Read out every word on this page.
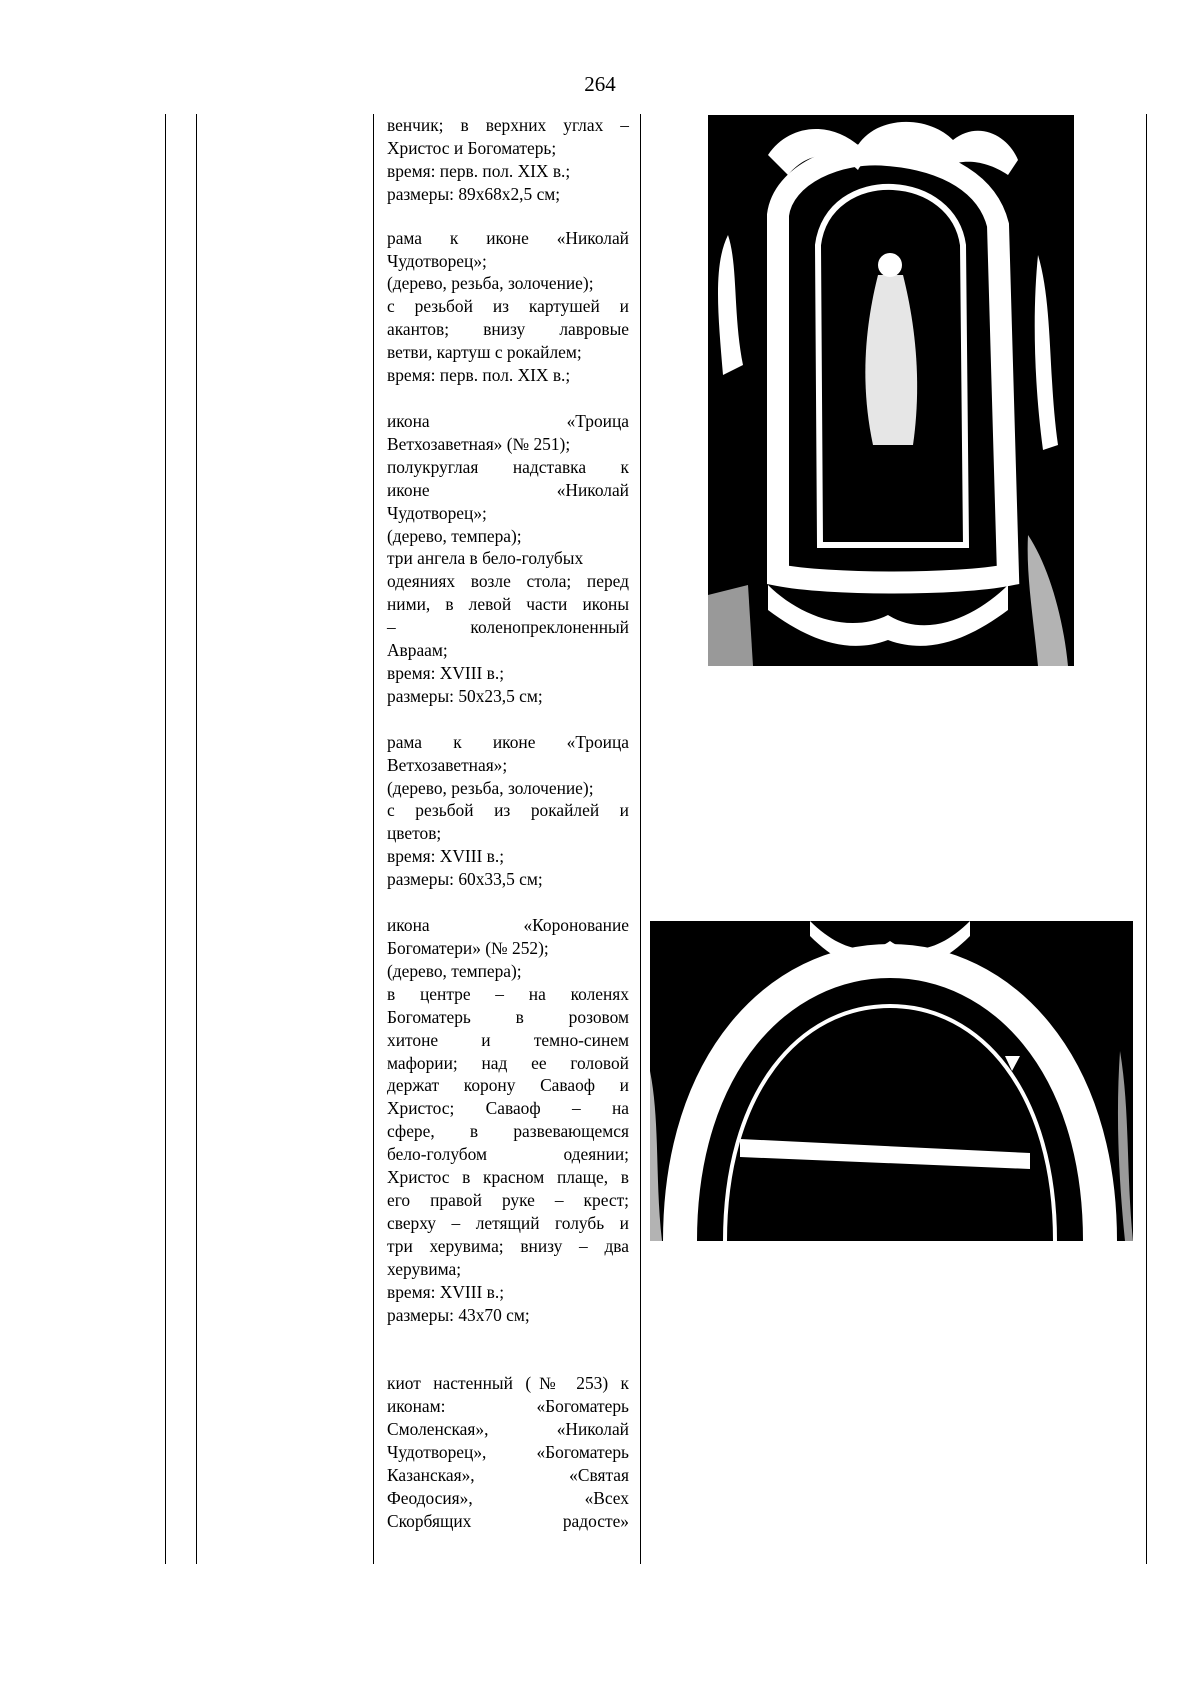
264
венчик; в верхних углах –
Христос и Богоматерь;
время: перв. пол. XIX в.;
размеры: 89х68х2,5 см;
рама к иконе «Николай
Чудотворец»;
(дерево, резьба, золочение);
с резьбой из картушей и
акантов; внизу лавровые
ветви, картуш с рокайлем;
время: перв. пол. XIX в.;
икона «Троица
Ветхозаветная» (№ 251);
полукруглая надставка к
иконе «Николай
Чудотворец»;
(дерево, темпера);
три ангела в бело-голубых
одеяниях возле стола; перед
ними, в левой части иконы
– коленопреклоненный
Авраам;
время: XVIII в.;
размеры: 50х23,5 см;
рама к иконе «Троица
Ветхозаветная»;
(дерево, резьба, золочение);
с резьбой из рокайлей и
цветов;
время: XVIII в.;
размеры: 60х33,5 см;
икона «Коронование
Богоматери» (№ 252);
(дерево, темпера);
в центре – на коленях
Богоматерь в розовом
хитоне и темно-синем
мафории; над ее головой
держат корону Саваоф и
Христос; Саваоф – на
сфере, в развевающемся
бело-голубом одеянии;
Христос в красном плаще, в
его правой руке – крест;
сверху – летящий голубь и
три херувима; внизу – два
херувима;
время: XVIII в.;
размеры: 43х70 см;
киот настенный (№ 253) к
иконам: «Богоматерь
Смоленская», «Николай
Чудотворец», «Богоматерь
Казанская», «Святая
Феодосия», «Всех
Скорбящих радосте»
